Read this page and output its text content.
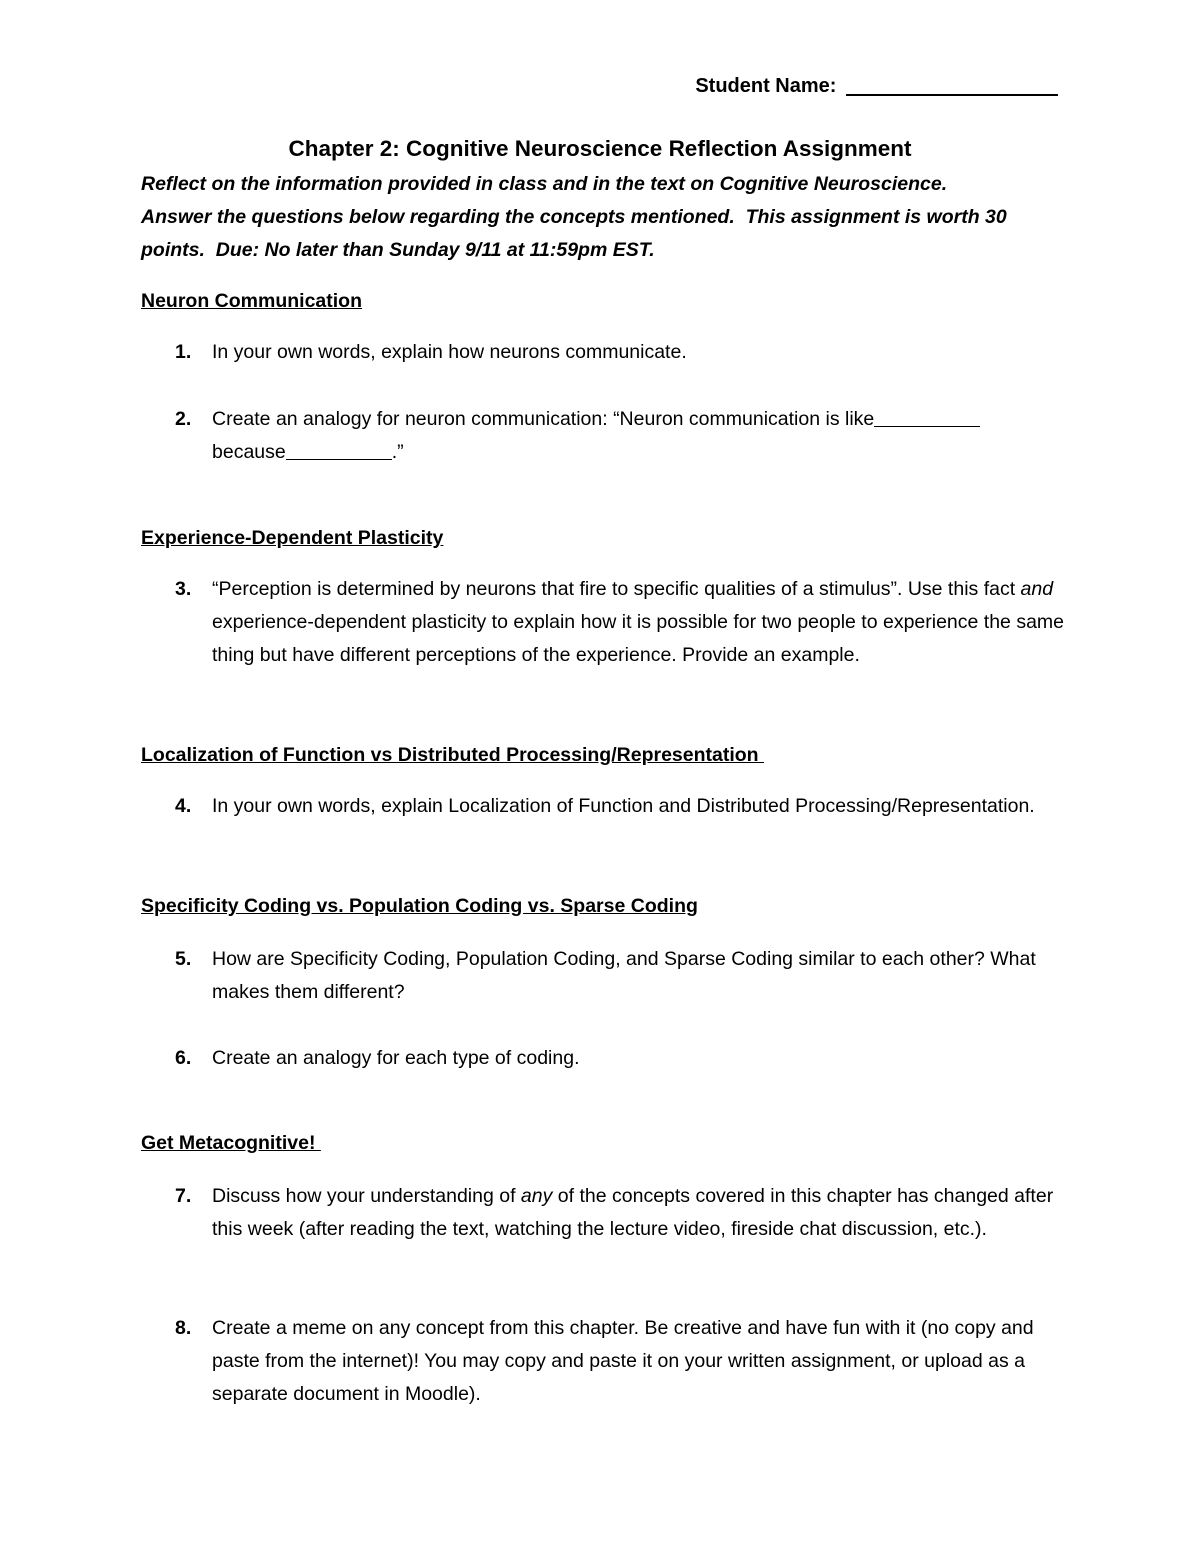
Student Name:
Chapter 2: Cognitive Neuroscience Reflection Assignment
Reflect on the information provided in class and in the text on Cognitive Neuroscience.
Answer the questions below regarding the concepts mentioned.  This assignment is worth 30
points.  Due: No later than Sunday 9/11 at 11:59pm EST.
Neuron Communication
1. In your own words, explain how neurons communicate.
2. Create an analogy for neuron communication: “Neuron communication is like
because	.”
Experience-Dependent Plasticity
3. “Perception is determined by neurons that fire to specific qualities of a stimulus”. Use this fact and experience-dependent plasticity to explain how it is possible for two people to experience the same thing but have different perceptions of the experience. Provide an example.
Localization of Function vs Distributed Processing/Representation
4. In your own words, explain Localization of Function and Distributed Processing/Representation.
Specificity Coding vs. Population Coding vs. Sparse Coding
5. How are Specificity Coding, Population Coding, and Sparse Coding similar to each other? What makes them different?
6. Create an analogy for each type of coding.
Get Metacognitive!
7. Discuss how your understanding of any of the concepts covered in this chapter has changed after this week (after reading the text, watching the lecture video, fireside chat discussion, etc.).
8. Create a meme on any concept from this chapter. Be creative and have fun with it (no copy and paste from the internet)! You may copy and paste it on your written assignment, or upload as a separate document in Moodle).
